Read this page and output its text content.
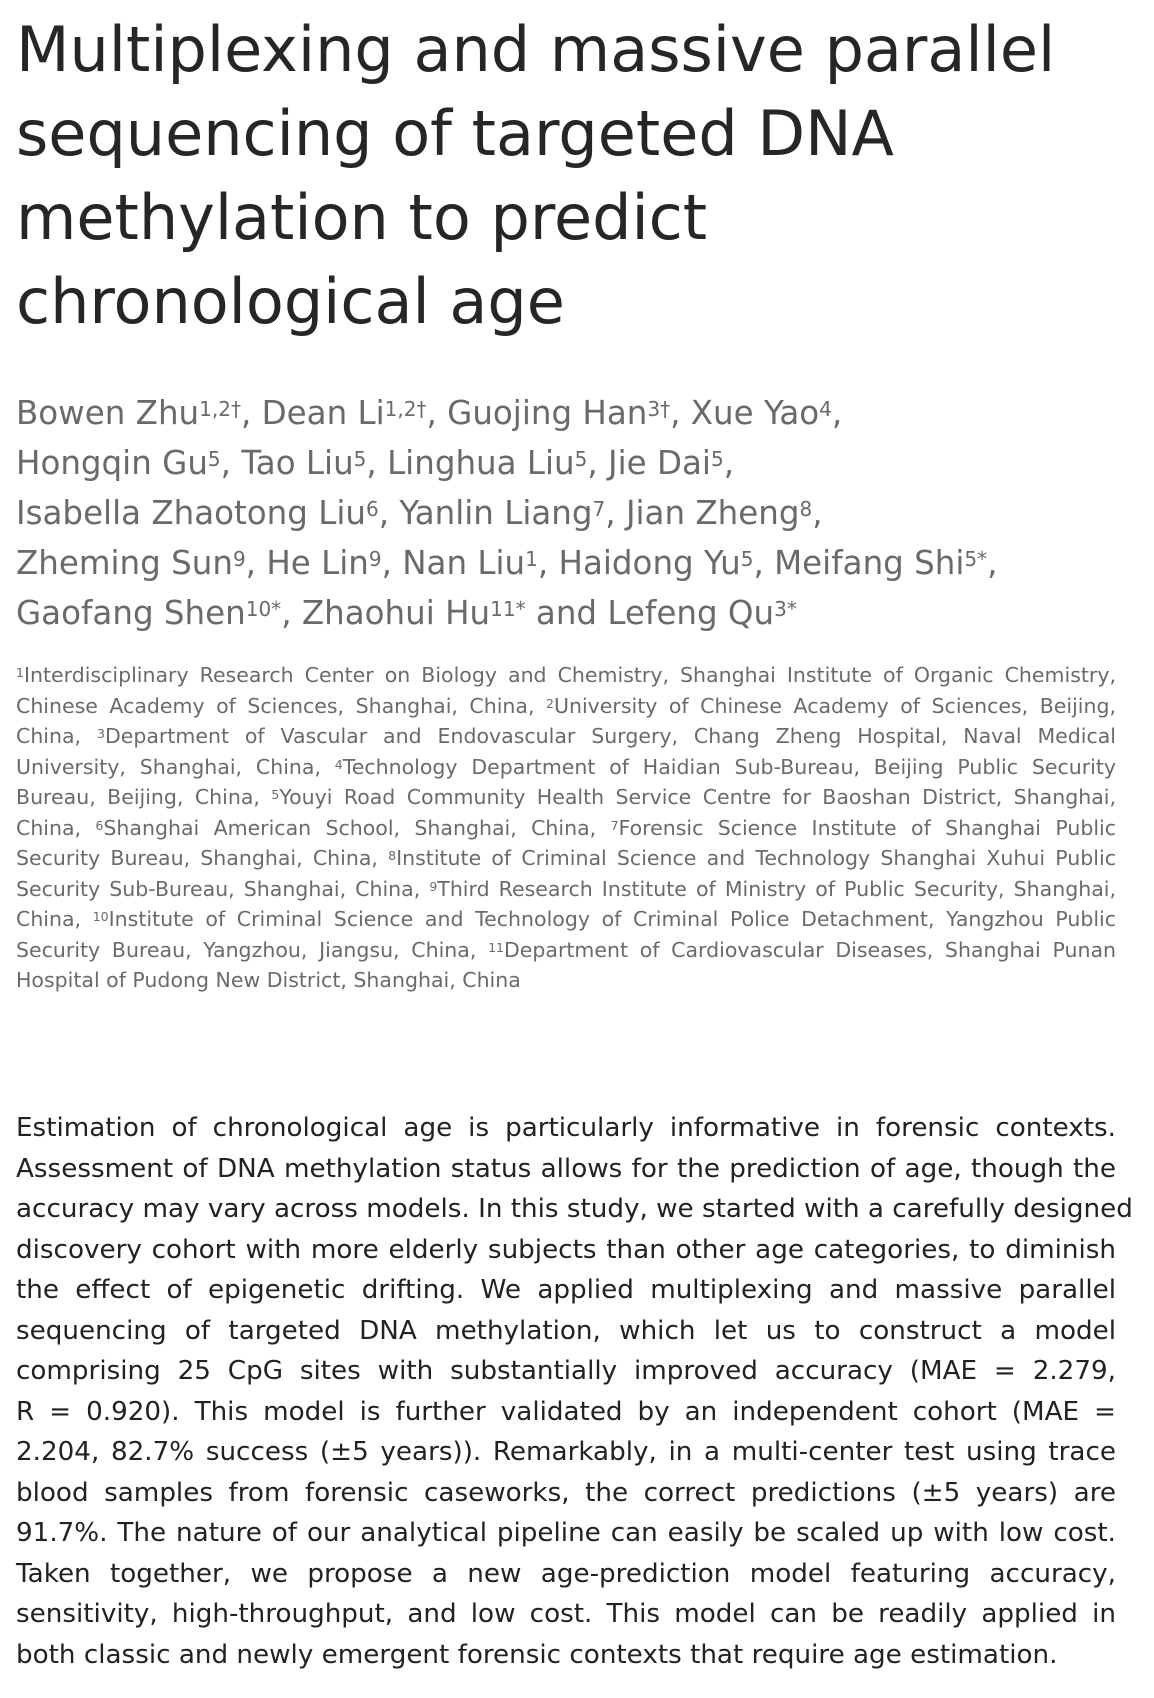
Multiplexing and massive parallel
sequencing of targeted DNA
methylation to predict
chronological age
Bowen Zhu$^{1,2\dagger}$, Dean $Li^{1,2\dagger}$, Guojing Han$^{3\dagger}$, Xue Yao$^4$,
Hongqin Gu$^5$, Tao Liu$^5$, Linghua Liu$^5$, Jie Dai$^5$,
Isabella Zhaotong Liu$^6$, Yanlin Liang$^7$, Jian Zheng$^8$,
Zheming Sun$^9$, He Lin$^9$, Nan Liu$^1$, Haidong Yu$^5$, Meifang Shi$^{5*}$,
Gaofang Shen$^{10*}$, Zhaohui $Hu^{11*}$ and Lefeng $Qu^{3*}$
$^1$Interdisciplinary Research Center on Biology and Chemistry, Shanghai Institute of Organic Chemistry, Chinese Academy of Sciences, Shanghai, China, $^2$University of Chinese Academy of Sciences, Beijing, China, $^3$Department of Vascular and Endovascular Surgery, Chang Zheng Hospital, Naval Medical University, Shanghai, China, $^4$Technology Department of Haidian Sub-Bureau, Beijing Public Security Bureau, Beijing, China, $^5$Youyi Road Community Health Service Centre for Baoshan District, Shanghai, China, $^6$Shanghai American School, Shanghai, China, $^7$Forensic Science Institute of Shanghai Public Security Bureau, Shanghai, China, $^8$Institute of Criminal Science and Technology Shanghai Xuhui Public Security Sub-Bureau, Shanghai, China, $^9$Third Research Institute of Ministry of Public Security, Shanghai, China, $^{10}$Institute of Criminal Science and Technology of Criminal Police Detachment, Yangzhou Public Security Bureau, Yangzhou, Jiangsu, China, $^{11}$Department of Cardiovascular Diseases, Shanghai Punan Hospital of Pudong New District, Shanghai, China
Estimation of chronological age is particularly informative in forensic contexts.
Assessment of DNA methylation status allows for the prediction of age, though the
accuracy may vary across models. In this study, we started with a carefully designed
discovery cohort with more elderly subjects than other age categories, to diminish
the effect of epigenetic drifting. We applied multiplexing and massive parallel
sequencing of targeted DNA methylation, which let us to construct a model
comprising 25 CpG sites with substantially improved accuracy (MAE = 2.279,
R = 0.920). This model is further validated by an independent cohort (MAE =
2.204, 82.7% success (±5 years)). Remarkably, in a multi-center test using trace
blood samples from forensic caseworks, the correct predictions (±5 years) are
91.7%. The nature of our analytical pipeline can easily be scaled up with low cost.
Taken together, we propose a new age-prediction model featuring accuracy,
sensitivity, high-throughput, and low cost. This model can be readily applied in
both classic and newly emergent forensic contexts that require age estimation.
